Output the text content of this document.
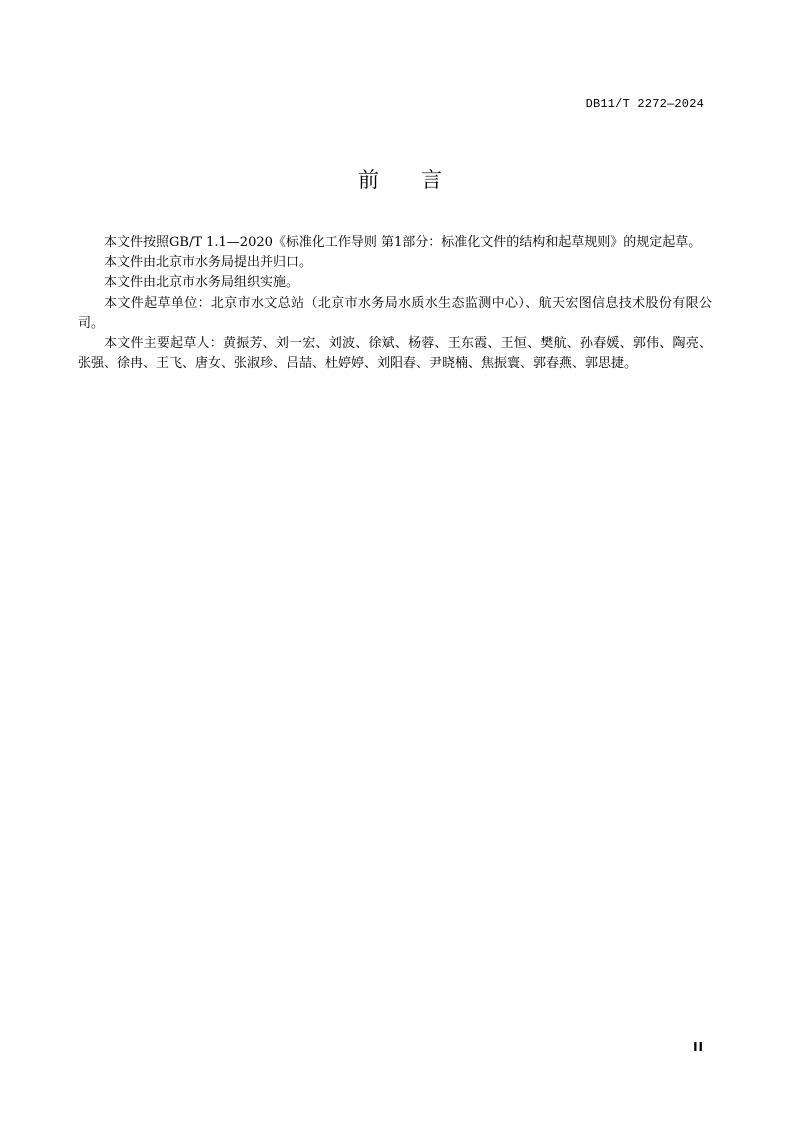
DB11/T 2272—2024
前　　言

本文件按照GB/T 1.1—2020《标准化工作导则 第1部分：标准化文件的结构和起草规则》的规定起草。

本文件由北京市水务局提出并归口。

本文件由北京市水务局组织实施。

本文件起草单位：北京市水文总站（北京市水务局水质水生态监测中心）、航天宏图信息技术股份有限公司。

本文件主要起草人：黄振芳、刘一宏、刘波、徐斌、杨蓉、王东霞、王恒、樊航、孙春媛、郭伟、陶亮、张强、徐冉、王飞、唐女、张淑珍、吕喆、杜婷婷、刘阳春、尹晓楠、焦振寰、郭春燕、郭思捷。

II
